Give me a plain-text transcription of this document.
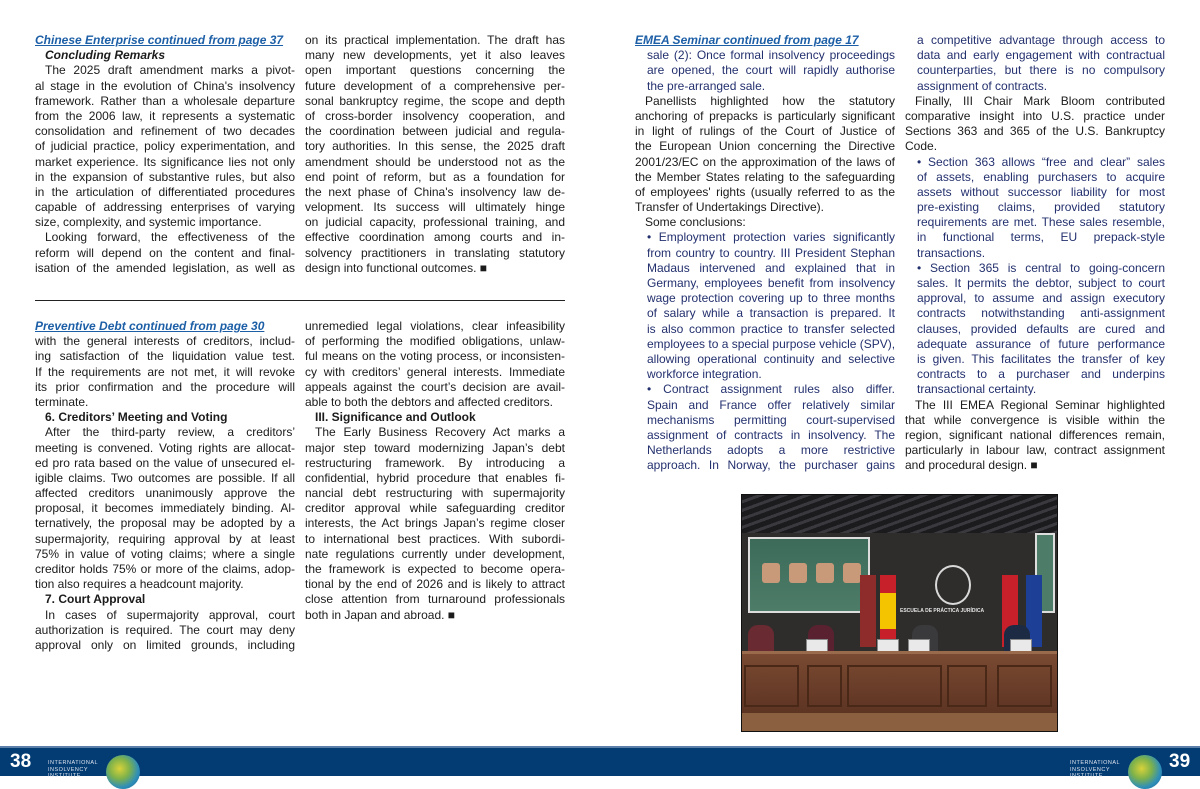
Chinese Enterprise continued from page 37
Concluding Remarks
The 2025 draft amendment marks a pivot-
al stage in the evolution of China's insolvency
framework. Rather than a wholesale departure
from the 2006 law, it represents a systematic
consolidation and refinement of two decades
of judicial practice, policy experimentation, and
market experience. Its significance lies not only
in the expansion of substantive rules, but also
in the articulation of differentiated procedures
capable of addressing enterprises of varying
size, complexity, and systemic importance.
Looking forward, the effectiveness of the
reform will depend on the content and final-
isation of the amended legislation, as well as
on its practical implementation. The draft has
many new developments, yet it also leaves
open important questions concerning the
future development of a comprehensive per-
sonal bankruptcy regime, the scope and depth
of cross-border insolvency cooperation, and
the coordination between judicial and regula-
tory authorities. In this sense, the 2025 draft
amendment should be understood not as the
end point of reform, but as a foundation for
the next phase of China's insolvency law de-
velopment. Its success will ultimately hinge
on judicial capacity, professional training, and
effective coordination among courts and in-
solvency practitioners in translating statutory
design into functional outcomes. ■
Preventive Debt continued from page 30
with the general interests of creditors, includ-
ing satisfaction of the liquidation value test.
If the requirements are not met, it will revoke
its prior confirmation and the procedure will
terminate.
6. Creditors’ Meeting and Voting
After the third-party review, a creditors’
meeting is convened. Voting rights are allocat-
ed pro rata based on the value of unsecured el-
igible claims. Two outcomes are possible. If all
affected creditors unanimously approve the
proposal, it becomes immediately binding. Al-
ternatively, the proposal may be adopted by a
supermajority, requiring approval by at least
75% in value of voting claims; where a single
creditor holds 75% or more of the claims, adop-
tion also requires a headcount majority.
7. Court Approval
In cases of supermajority approval, court
authorization is required. The court may deny
approval only on limited grounds, including
unremedied legal violations, clear infeasibility
of performing the modified obligations, unlaw-
ful means on the voting process, or inconsisten-
cy with creditors’ general interests. Immediate
appeals against the court’s decision are avail-
able to both the debtors and affected creditors.
III. Significance and Outlook
The Early Business Recovery Act marks a
major step toward modernizing Japan’s debt
restructuring framework. By introducing a
confidential, hybrid procedure that enables fi-
nancial debt restructuring with supermajority
creditor approval while safeguarding creditor
interests, the Act brings Japan’s regime closer
to international best practices. With subordi-
nate regulations currently under development,
the framework is expected to become opera-
tional by the end of 2026 and is likely to attract
close attention from turnaround professionals
both in Japan and abroad. ■
EMEA Seminar continued from page 17
sale (2): Once formal insolvency proceedings
are opened, the court will rapidly authorise
the pre-arranged sale.
Panellists highlighted how the statutory
anchoring of prepacks is particularly significant
in light of rulings of the Court of Justice of
the European Union concerning the Directive
2001/23/EC on the approximation of the laws of
the Member States relating to the safeguarding
of employees' rights (usually referred to as the
Transfer of Undertakings Directive).
Some conclusions:
• Employment protection varies significantly
from country to country. III President Stephan
Madaus intervened and explained that in
Germany, employees benefit from insolvency
wage protection covering up to three months
of salary while a transaction is prepared. It
is also common practice to transfer selected
employees to a special purpose vehicle (SPV),
allowing operational continuity and selective
workforce integration.
• Contract assignment rules also differ.
Spain and France offer relatively similar
mechanisms permitting court-supervised
assignment of contracts in insolvency. The
Netherlands adopts a more restrictive
approach. In Norway, the purchaser gains
a competitive advantage through access to
data and early engagement with contractual
counterparties, but there is no compulsory
assignment of contracts.
Finally, III Chair Mark Bloom contributed
comparative insight into U.S. practice under
Sections 363 and 365 of the U.S. Bankruptcy
Code.
• Section 363 allows “free and clear” sales
of assets, enabling purchasers to acquire
assets without successor liability for most
pre-existing claims, provided statutory
requirements are met. These sales resemble,
in functional terms, EU prepack-style
transactions.
• Section 365 is central to going-concern
sales. It permits the debtor, subject to court
approval, to assume and assign executory
contracts notwithstanding anti-assignment
clauses, provided defaults are cured and
adequate assurance of future performance
is given. This facilitates the transfer of key
contracts to a purchaser and underpins
transactional certainty.
The III EMEA Regional Seminar highlighted
that while convergence is visible within the
region, significant national differences remain,
particularly in labour law, contract assignment
and procedural design. ■
ESCUELA DE PRÁCTICA JURÍDICA
38	INTERNATIONAL
INSOLVENCY
INSTITUTE
INTERNATIONAL
INSOLVENCY
INSTITUTE
39
